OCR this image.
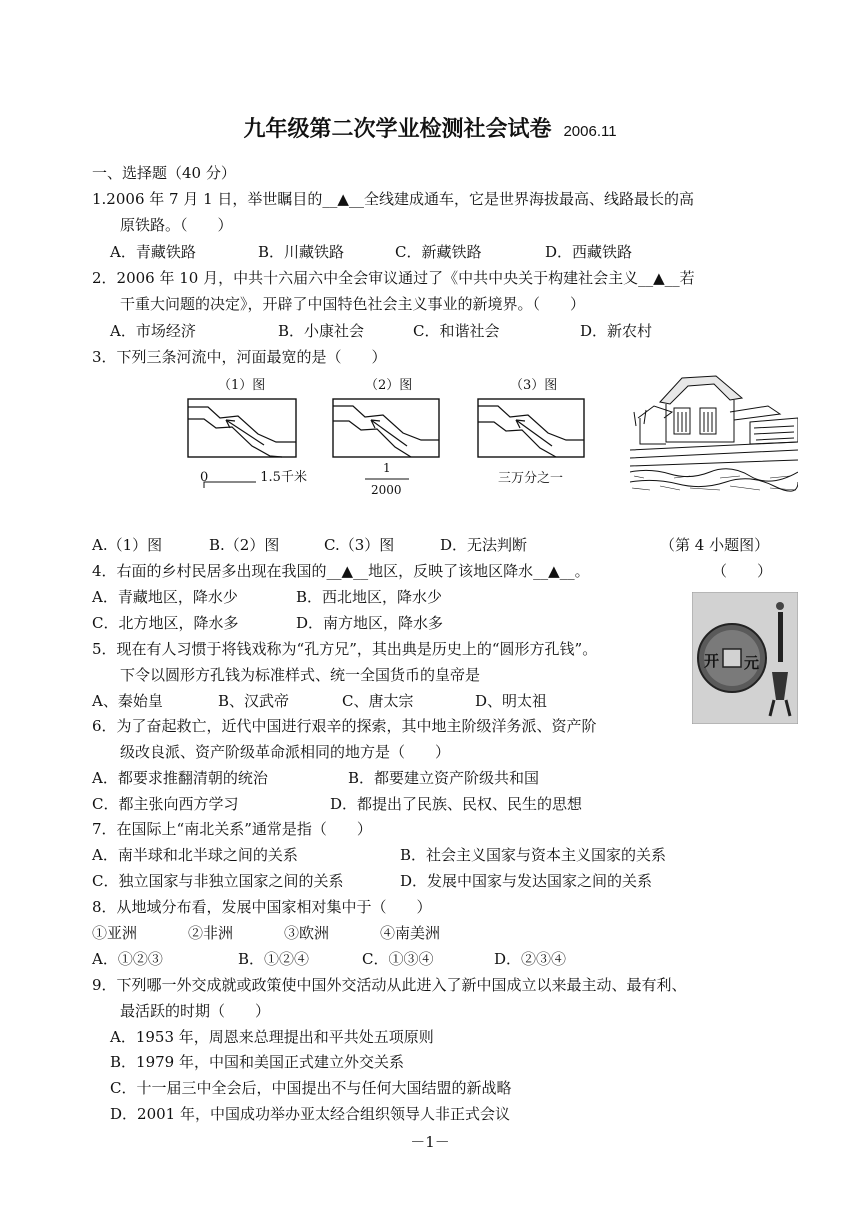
九年级第二次学业检测社会试卷 2006.11
一、选择题（40 分）
1.2006 年 7 月 1 日，举世瞩目的__▲__全线建成通车，它是世界海拔最高、线路最长的高
原铁路。（　　）
A．青藏铁路	B．川藏铁路	C．新藏铁路	D．西藏铁路
2．2006 年 10 月，中共十六届六中全会审议通过了《中共中央关于构建社会主义__▲__若
干重大问题的决定》，开辟了中国特色社会主义事业的新境界。（　　）
A．市场经济	B．小康社会	C．和谐社会	D．新农村
3．下列三条河流中，河面最宽的是（　　）
（1）图
0　　　　1.5千米
（2）图
1
2000
（3）图
三万分之一
A.（1）图	B.（2）图	C.（3）图	D．无法判断	（第 4 小题图）
4．右面的乡村民居多出现在我国的__▲__地区，反映了该地区降水__▲__。	（　　）
A．青藏地区，降水少	B．西北地区，降水少
C．北方地区，降水多	D．南方地区，降水多
开 元
5．现在有人习惯于将钱戏称为“孔方兄”，其出典是历史上的“圆形方孔钱”。
下令以圆形方孔钱为标准样式、统一全国货币的皇帝是
A、秦始皇	B、汉武帝	C、唐太宗	D、明太祖
6．为了奋起救亡，近代中国进行艰辛的探索，其中地主阶级洋务派、资产阶
级改良派、资产阶级革命派相同的地方是（　　）
A．都要求推翻清朝的统治	B．都要建立资产阶级共和国
C．都主张向西方学习	D．都提出了民族、民权、民生的思想
7．在国际上“南北关系”通常是指（　　）
A．南半球和北半球之间的关系	B．社会主义国家与资本主义国家的关系
C．独立国家与非独立国家之间的关系	D．发展中国家与发达国家之间的关系
8．从地域分布看，发展中国家相对集中于（　　）
①亚洲	②非洲	③欧洲	④南美洲
A．①②③	B．①②④	C．①③④	D．②③④
9．下列哪一外交成就或政策使中国外交活动从此进入了新中国成立以来最主动、最有利、
最活跃的时期（　　）
A．1953 年，周恩来总理提出和平共处五项原则
B．1979 年，中国和美国正式建立外交关系
C．十一届三中全会后，中国提出不与任何大国结盟的新战略
D．2001 年，中国成功举办亚太经合组织领导人非正式会议
－1－
